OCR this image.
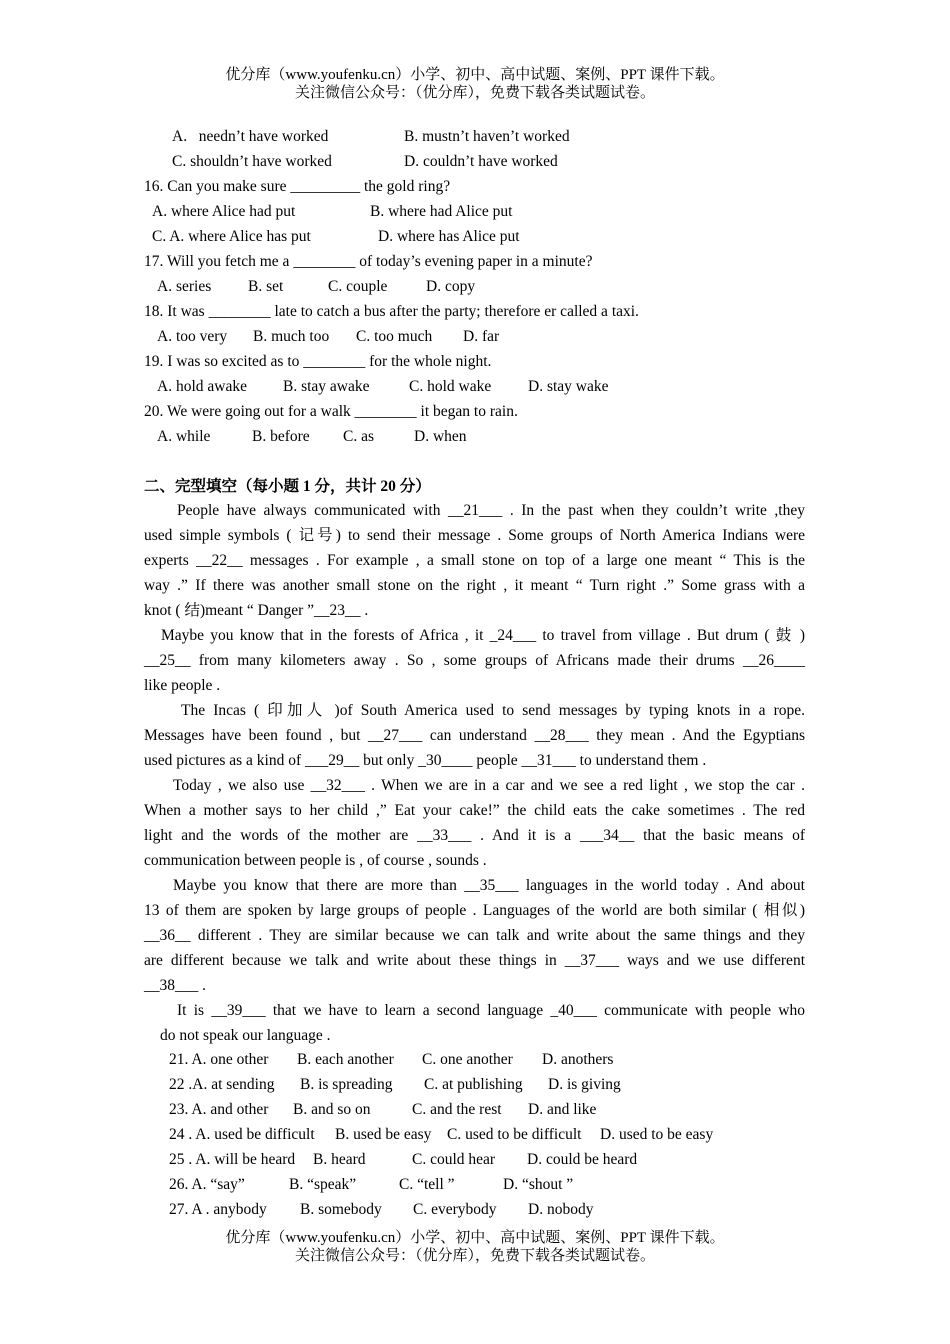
优分库（www.youfenku.cn）小学、初中、高中试题、案例、PPT 课件下载。
关注微信公众号：（优分库），免费下载各类试题试卷。
A.   needn’t have worked	B. mustn’t haven’t worked
C. shouldn’t have worked	D. couldn’t have worked
16. Can you make sure _________ the gold ring?
A. where Alice had put	B. where had Alice put
C. A. where Alice has put	D. where has Alice put
17. Will you fetch me a ________ of today’s evening paper in a minute?
A. series B. set	C. couple D. copy
18. It was ________ late to catch a bus after the party; therefore er called a taxi.
A. too very B. much too C. too much D. far
19. I was so excited as to ________ for the whole night.
A. hold awake B. stay awake	C. hold wake D. stay wake
20. We were going out for a walk ________ it began to rain.
A. while	B. before C. as	D. when
二、完型填空（每小题 1 分，共计 20 分）
People have always communicated with __21___ . In the past when they couldn’t write ,they
used simple symbols ( 记号) to send their message . Some groups of North America Indians were
experts __22__ messages . For example , a small stone on top of a large one meant “ This is the
way .” If there was another small stone on the right , it meant “ Turn right .” Some grass with a
knot ( 结)meant “ Danger ”__23__ .
Maybe you know that in the forests of Africa , it _24___ to travel from village . But drum ( 鼓 )
__25__ from many kilometers away . So , some groups of Africans made their drums __26____
like people .
The Incas ( 印加人 )of South America used to send messages by typing knots in a rope.
Messages have been found , but __27___ can understand __28___ they mean . And the Egyptians
used pictures as a kind of ___29__ but only _30____ people __31___ to understand them .
Today , we also use __32___ . When we are in a car and we see a red light , we stop the car .
When a mother says to her child ,” Eat your cake!” the child eats the cake sometimes . The red
light and the words of the mother are __33___ . And it is a ___34__ that the basic means of
communication between people is , of course , sounds .
Maybe you know that there are more than __35___ languages in the world today . And about
13 of them are spoken by large groups of people . Languages of the world are both similar ( 相似)
__36__ different . They are similar because we can talk and write about the same things and they
are different because we talk and write about these things in __37___ ways and we use different
__38___ .
It is __39___ that we have to learn a second language _40___ communicate with people who
do not speak our language .
21. A. one other B. each another C. one another D. anothers
22 .A. at sending B. is spreading C. at publishing D. is giving
23. A. and other B. and so on	C. and the rest D. and like
24 . A. used be difficult B. used be easy C. used to be difficult D. used to be easy
25 . A. will be heard B. heard	C. could hear D. could be heard
26. A. “say”	B. “speak”	C. “tell ”	D. “shout ”
27. A . anybody B. somebody C. everybody D. nobody
优分库（www.youfenku.cn）小学、初中、高中试题、案例、PPT 课件下载。
关注微信公众号：（优分库），免费下载各类试题试卷。
